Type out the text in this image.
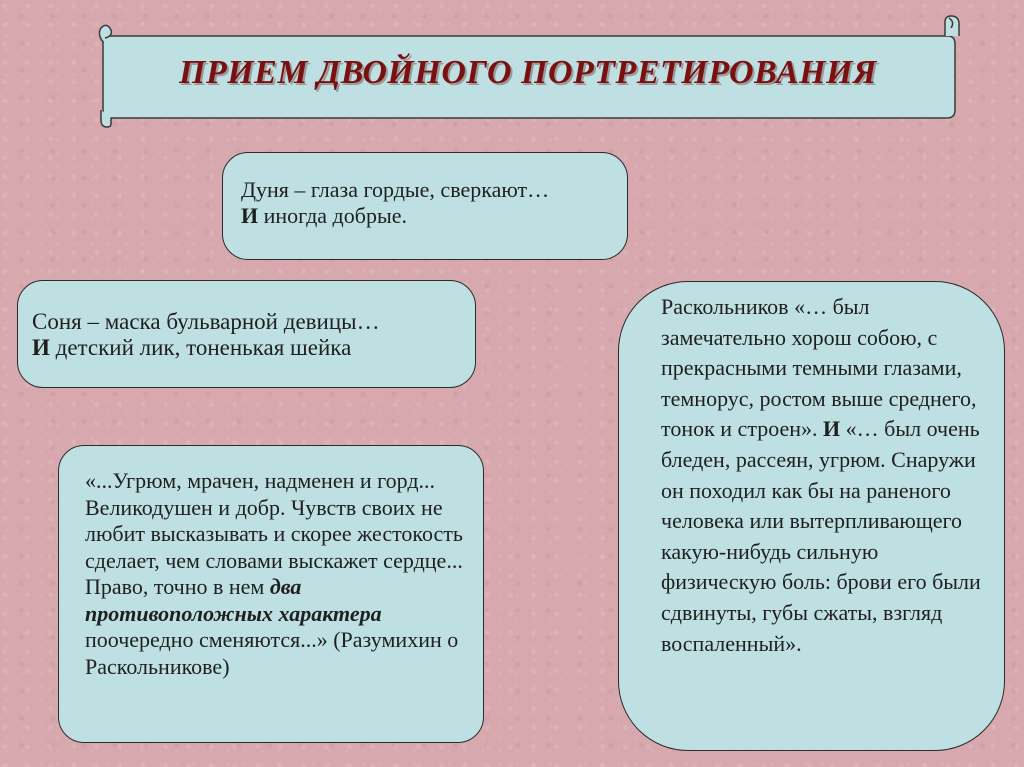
ПРИЕМ ДВОЙНОГО ПОРТРЕТИРОВАНИЯ

Дуня – глаза гордые, сверкают…

И иногда добрые.

Соня – маска бульварной девицы…

И детский лик, тоненькая шейка

«...Угрюм, мрачен, надменен и горд... Великодушен и добр. Чувств своих не любит высказывать и скорее жестокость сделает, чем словами выскажет сердце... Право, точно в нем два противоположных характера поочередно сменяются...» (Разумихин о Раскольникове)

Раскольников «… был замечательно хорош собою, с прекрасными темными глазами, темнорус, ростом выше среднего, тонок и строен». И «… был очень бледен, рассеян, угрюм. Снаружи он походил как бы на раненого человека или вытерпливающего какую-нибудь сильную физическую боль: брови его были сдвинуты, губы сжаты, взгляд воспаленный».
